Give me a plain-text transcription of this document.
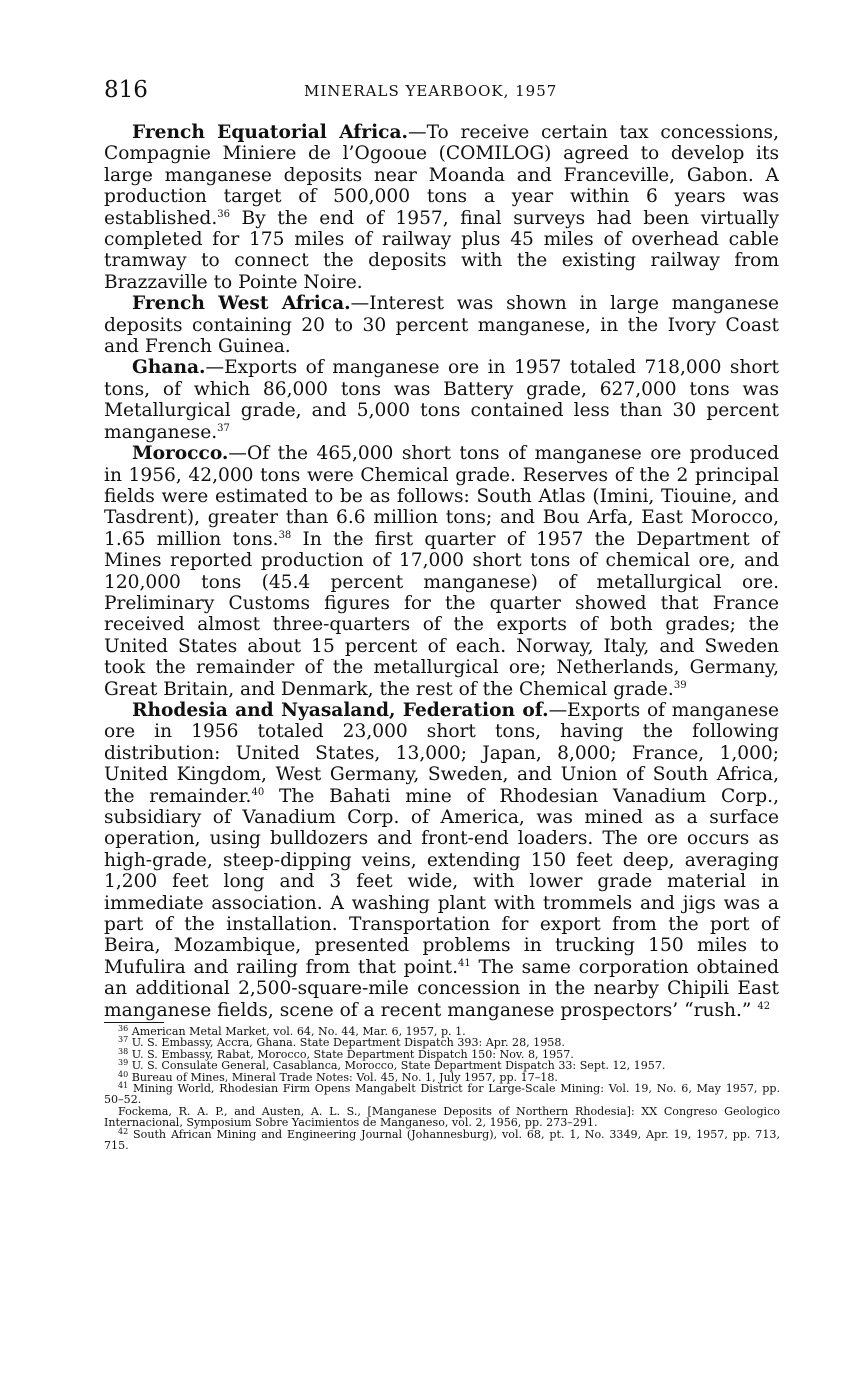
816	MINERALS YEARBOOK, 1957

French Equatorial Africa.—To receive certain tax concessions, Compagnie Miniere de l’Ogooue (COMILOG) agreed to develop its large manganese deposits near Moanda and Franceville, Gabon. A production target of 500,000 tons a year within 6 years was established.$^{36}$ By the end of 1957, final surveys had been virtually completed for 175 miles of railway plus 45 miles of overhead cable tramway to connect the deposits with the existing railway from Brazzaville to Pointe Noire.

French West Africa.—Interest was shown in large manganese deposits containing 20 to 30 percent manganese, in the Ivory Coast and French Guinea.

Ghana.—Exports of manganese ore in 1957 totaled 718,000 short tons, of which 86,000 tons was Battery grade, 627,000 tons was Metallurgical grade, and 5,000 tons contained less than 30 percent manganese.$^{37}$

Morocco.—Of the 465,000 short tons of manganese ore produced in 1956, 42,000 tons were Chemical grade. Reserves of the 2 principal fields were estimated to be as follows: South Atlas (Imini, Tiouine, and Tasdrent), greater than 6.6 million tons; and Bou Arfa, East Morocco, 1.65 million tons.$^{38}$ In the first quarter of 1957 the Department of Mines reported production of 17,000 short tons of chemical ore, and 120,000 tons (45.4 percent manganese) of metallurgical ore. Preliminary Customs figures for the quarter showed that France received almost three-quarters of the exports of both grades; the United States about 15 percent of each. Norway, Italy, and Sweden took the remainder of the metallurgical ore; Netherlands, Germany, Great Britain, and Denmark, the rest of the Chemical grade.$^{39}$

Rhodesia and Nyasaland, Federation of.—Exports of manganese ore in 1956 totaled 23,000 short tons, having the following distribution: United States, 13,000; Japan, 8,000; France, 1,000; United Kingdom, West Germany, Sweden, and Union of South Africa, the remainder.$^{40}$ The Bahati mine of Rhodesian Vanadium Corp., subsidiary of Vanadium Corp. of America, was mined as a surface operation, using bulldozers and front-end loaders. The ore occurs as high-grade, steep-dipping veins, extending 150 feet deep, averaging 1,200 feet long and 3 feet wide, with lower grade material in immediate association. A washing plant with trommels and jigs was a part of the installation. Transportation for export from the port of Beira, Mozambique, presented problems in trucking 150 miles to Mufulira and railing from that point.$^{41}$ The same corporation obtained an additional 2,500-square-mile concession in the nearby Chipili East manganese fields, scene of a recent manganese prospectors’ “rush.” $^{42}$

$^{36}$ American Metal Market, vol. 64, No. 44, Mar. 6, 1957, p. 1.

$^{37}$ U. S. Embassy, Accra, Ghana. State Department Dispatch 393: Apr. 28, 1958.

$^{38}$ U. S. Embassy, Rabat, Morocco, State Department Dispatch 150: Nov. 8, 1957.

$^{39}$ U. S. Consulate General, Casablanca, Morocco, State Department Dispatch 33: Sept. 12, 1957.

$^{40}$ Bureau of Mines, Mineral Trade Notes: Vol. 45, No. 1, July 1957, pp. 17–18.

$^{41}$ Mining World, Rhodesian Firm Opens Mangabelt District for Large-Scale Mining: Vol. 19, No. 6, May 1957, pp. 50–52.

Fockema, R. A. P., and Austen, A. L. S., [Manganese Deposits of Northern Rhodesia]: XX Congreso Geologico Internacional, Symposium Sobre Yacimientos de Manganeso, vol. 2, 1956, pp. 273–291.

$^{42}$ South African Mining and Engineering Journal (Johannesburg), vol. 68, pt. 1, No. 3349, Apr. 19, 1957, pp. 713, 715.
